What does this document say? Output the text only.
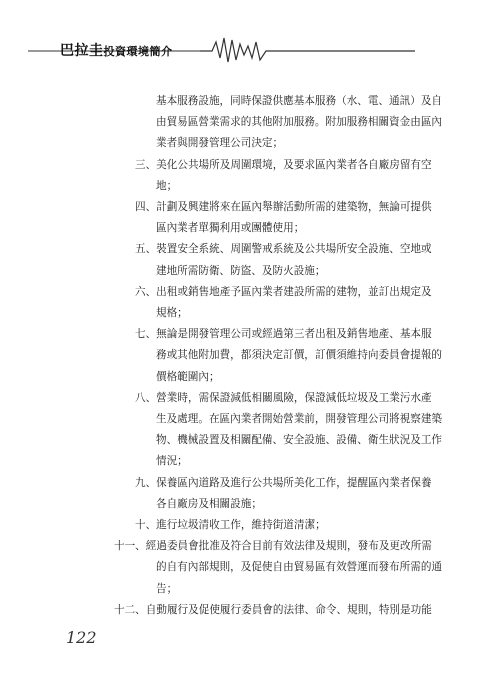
巴拉圭投資環境簡介
基本服務設施，同時保證供應基本服務（水、電、通訊）及自
由貿易區營業需求的其他附加服務。附加服務相關資金由區內
業者與開發管理公司決定；
三、美化公共場所及周圍環境，及要求區內業者各自廠房留有空
地；
四、計劃及興建將來在區內舉辦活動所需的建築物，無論可提供
區內業者單獨利用或團體使用；
五、裝置安全系統、周圍警戒系統及公共場所安全設施、空地或
建地所需防衛、防盜、及防火設施；
六、出租或銷售地產予區內業者建設所需的建物，並訂出規定及
規格；
七、無論是開發管理公司或經過第三者出租及銷售地產、基本服
務或其他附加費，都須決定訂價，訂價須維持向委員會提報的
價格範圍內；
八、營業時，需保證減低相關風險，保證減低垃圾及工業污水產
生及處理。在區內業者開始營業前，開發管理公司將視察建築
物、機械設置及相關配備、安全設施、設備、衛生狀況及工作
情況；
九、保養區內道路及進行公共場所美化工作，提醒區內業者保養
各自廠房及相關設施；
十、進行垃圾清收工作，維持街道清潔；
十一、經過委員會批准及符合目前有效法律及規則，發布及更改所需
的自有內部規則，及促使自由貿易區有效營運而發布所需的通
告；
十二、自動履行及促使履行委員會的法律、命令、規則，特別是功能
122
